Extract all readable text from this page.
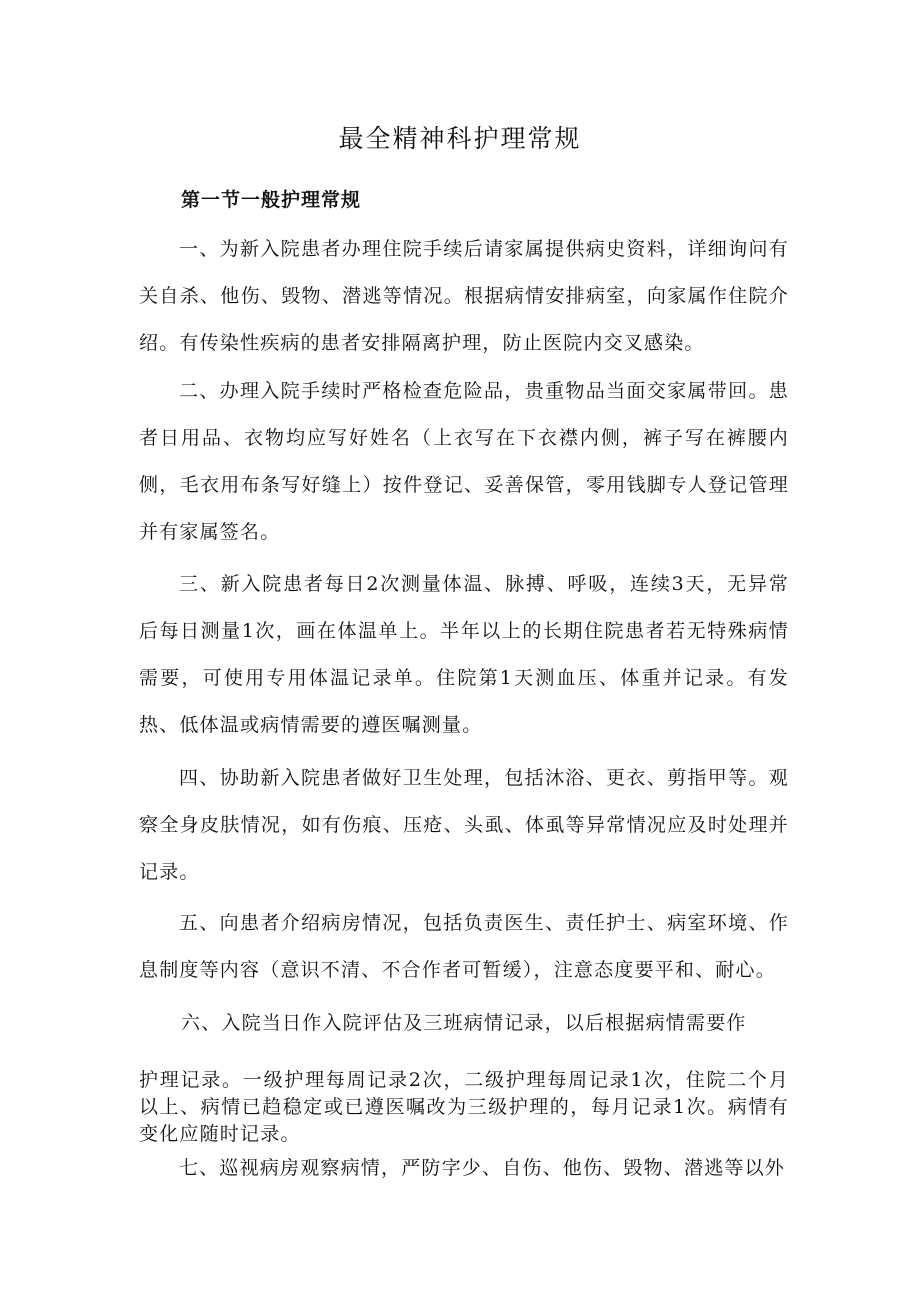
最全精神科护理常规
第一节一般护理常规

一、为新入院患者办理住院手续后请家属提供病史资料，详细询问有关自杀、他伤、毁物、潜逃等情况。根据病情安排病室，向家属作住院介绍。有传染性疾病的患者安排隔离护理，防止医院内交叉感染。

二、办理入院手续时严格检查危险品，贵重物品当面交家属带回。患者日用品、衣物均应写好姓名（上衣写在下衣襟内侧，裤子写在裤腰内侧，毛衣用布条写好缝上）按件登记、妥善保管，零用钱脚专人登记管理并有家属签名。

三、新入院患者每日2次测量体温、脉搏、呼吸，连续3天，无异常后每日测量1次，画在体温单上。半年以上的长期住院患者若无特殊病情需要，可使用专用体温记录单。住院第1天测血压、体重并记录。有发热、低体温或病情需要的遵医嘱测量。

四、协助新入院患者做好卫生处理，包括沐浴、更衣、剪指甲等。观察全身皮肤情况，如有伤痕、压疮、头虱、体虱等异常情况应及时处理并记录。

五、向患者介绍病房情况，包括负责医生、责任护士、病室环境、作息制度等内容（意识不清、不合作者可暂缓），注意态度要平和、耐心。

六、入院当日作入院评估及三班病情记录，以后根据病情需要作

护理记录。一级护理每周记录2次，二级护理每周记录1次，住院二个月以上、病情已趋稳定或已遵医嘱改为三级护理的，每月记录1次。病情有变化应随时记录。

七、巡视病房观察病情，严防字少、自伤、他伤、毁物、潜逃等以外
